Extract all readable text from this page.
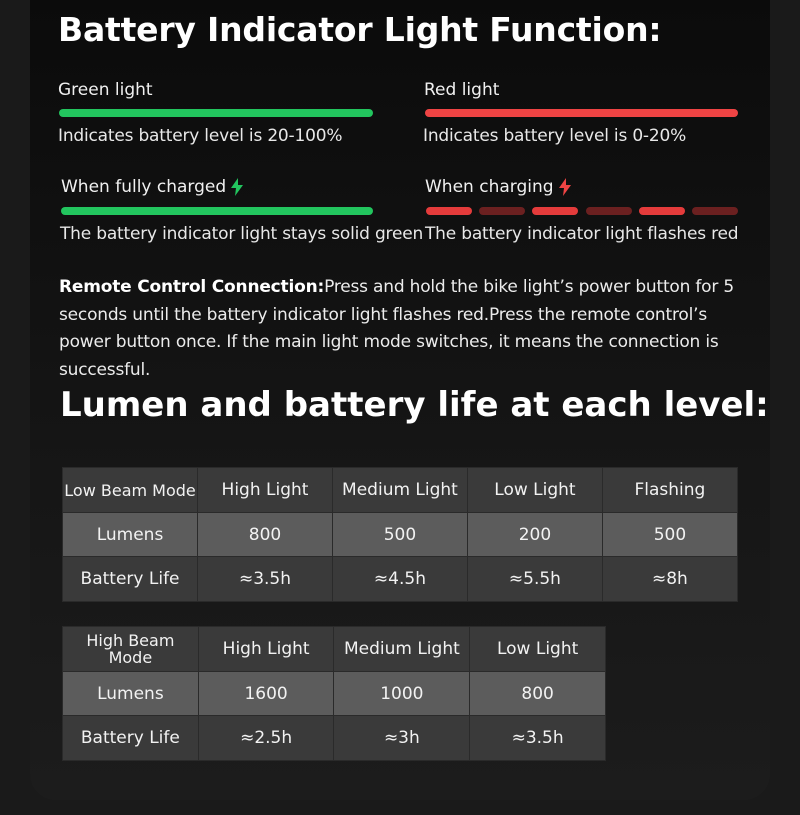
Battery Indicator Light Function:
Green light
Indicates battery level is 20-100%
When fully charged
The battery indicator light stays solid green
Red light
Indicates battery level is 0-20%
When charging
The battery indicator light flashes red
Remote Control Connection:Press and hold the bike light’s power button for 5 seconds until the battery indicator light flashes red.Press the remote control’s power button once. If the main light mode switches, it means the connection is successful.
Lumen and battery life at each level:
Low Beam Mode	High Light	Medium Light	Low Light	Flashing
Lumens	800	500	200	500
Battery Life	≈3.5h	≈4.5h	≈5.5h	≈8h
High Beam Mode	High Light	Medium Light	Low Light
Lumens	1600	1000	800
Battery Life	≈2.5h	≈3h	≈3.5h
